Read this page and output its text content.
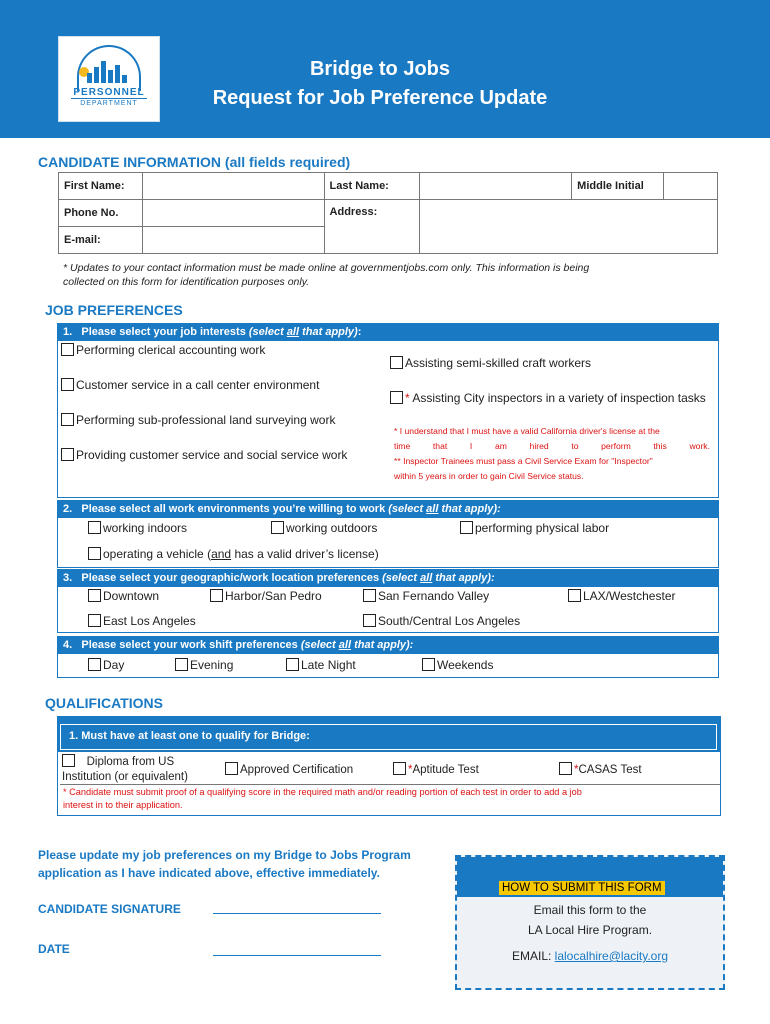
PERSONNEL
DEPARTMENT
Bridge to Jobs
Request for Job Preference Update
CANDIDATE INFORMATION (all fields required)
First Name:		Last Name:		Middle Initial	
Phone No.		Address:			
E-mail:					
* Updates to your contact information must be made online at governmentjobs.com only. This information is being
collected on this form for identification purposes only.
JOB PREFERENCES
1. Please select your job interests (select all that apply):
Performing clerical accounting work
Customer service in a call center environment
Performing sub-professional land surveying work
Providing customer service and social service work
Assisting semi-skilled craft workers
* Assisting City inspectors in a variety of inspection tasks
* I understand that I must have a valid California driver's license at the
time that I am hired to perform this work.
** Inspector Trainees must pass a Civil Service Exam for "Inspector"
within 5 years in order to gain Civil Service status.
2. Please select all work environments you’re willing to work (select all that apply):
working indoors	working outdoors	performing physical labor
operating a vehicle (and has a valid driver’s license)
3. Please select your geographic/work location preferences (select all that apply):
Downtown	Harbor/San Pedro	San Fernando Valley	LAX/Westchester
East Los Angeles	South/Central Los Angeles
4. Please select your work shift preferences (select all that apply):
Day	Evening	Late Night	Weekends
QUALIFICATIONS
1. Must have at least one to qualify for Bridge:
Diploma from US
Institution (or equivalent)
Approved Certification	*Aptitude Test	*CASAS Test
* Candidate must submit proof of a qualifying score in the required math and/or reading portion of each test in order to add a job
interest in to their application.
Please update my job preferences on my Bridge to Jobs Program
application as I have indicated above, effective immediately.
CANDIDATE SIGNATURE
DATE
HOW TO SUBMIT THIS FORM
Email this form to the
LA Local Hire Program.
EMAIL: lalocalhire@lacity.org
